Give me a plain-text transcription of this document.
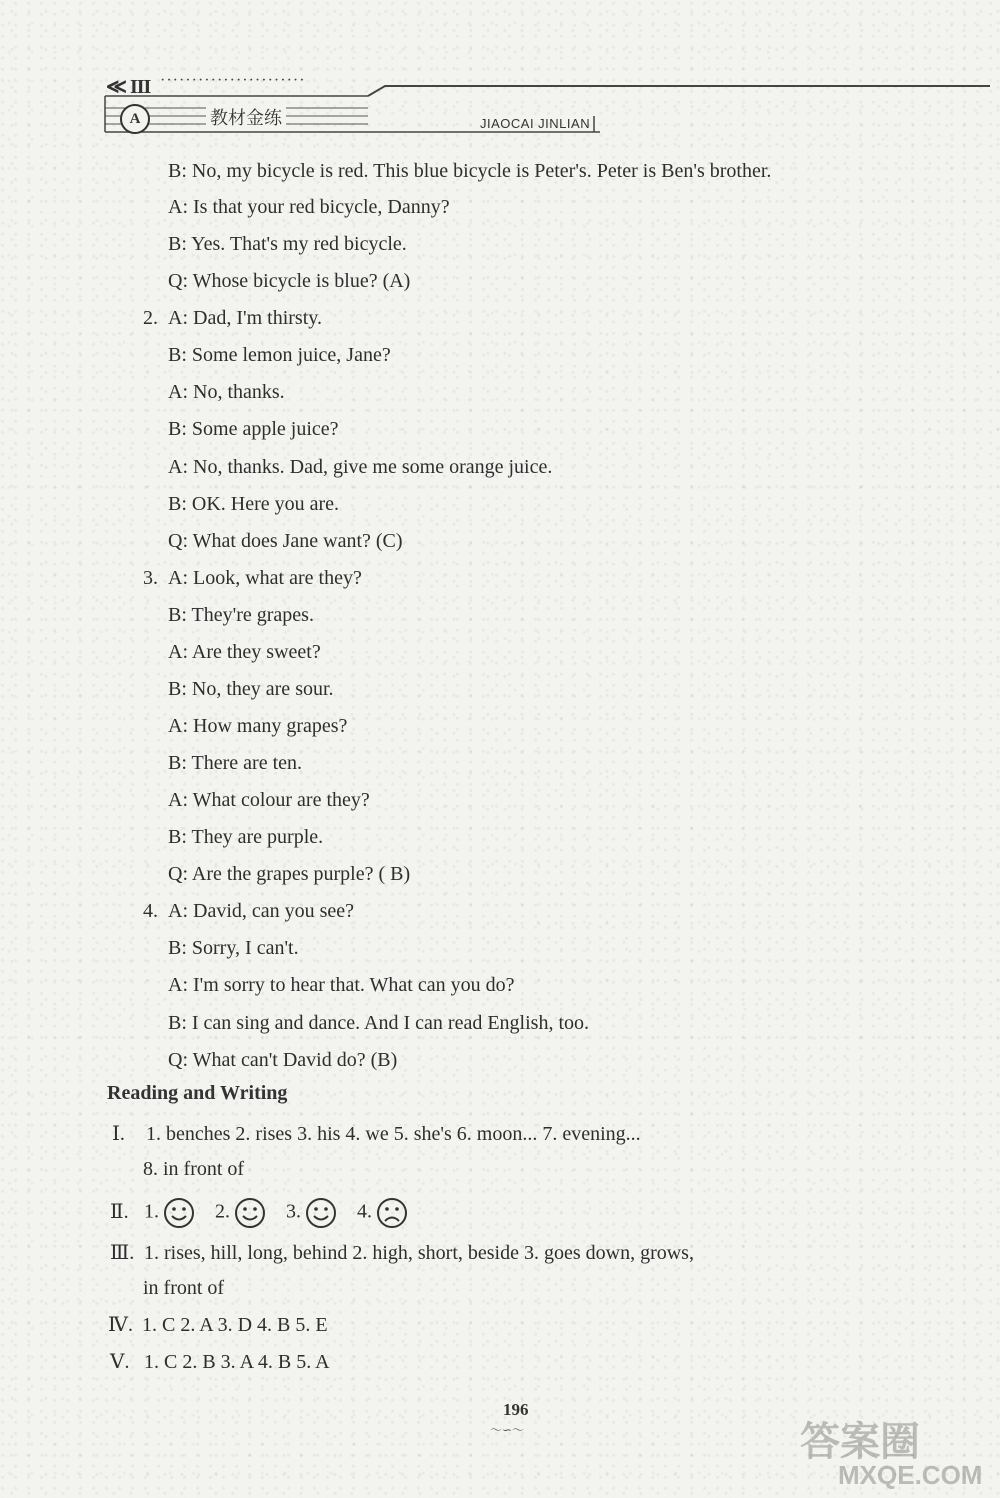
≪ III ·······················
A	教材金练	JIAOCAI JINLIAN
B: No, my bicycle is red. This blue bicycle is Peter's. Peter is Ben's brother.
A: Is that your red bicycle, Danny?
B: Yes. That's my red bicycle.
Q: Whose bicycle is blue? (A)
2. A: Dad, I'm thirsty.
B: Some lemon juice, Jane?
A: No, thanks.
B: Some apple juice?
A: No, thanks. Dad, give me some orange juice.
B: OK. Here you are.
Q: What does Jane want? (C)
3. A: Look, what are they?
B: They're grapes.
A: Are they sweet?
B: No, they are sour.
A: How many grapes?
B: There are ten.
A: What colour are they?
B: They are purple.
Q: Are the grapes purple? ( B)
4. A: David, can you see?
B: Sorry, I can't.
A: I'm sorry to hear that. What can you do?
B: I can sing and dance. And I can read English, too.
Q: What can't David do? (B)
Reading and Writing
Ⅰ. 1. benches 2. rises 3. his 4. we 5. she's 6. moon... 7. evening...
8. in front of
Ⅱ. 1.	2.	3.	4.
Ⅲ. 1. rises, hill, long, behind 2. high, short, beside 3. goes down, grows,
in front of
Ⅳ. 1. C 2. A 3. D 4. B 5. E
Ⅴ. 1. C 2. B 3. A 4. B 5. A
196
～∽～	答案圈
MXQE.COM
